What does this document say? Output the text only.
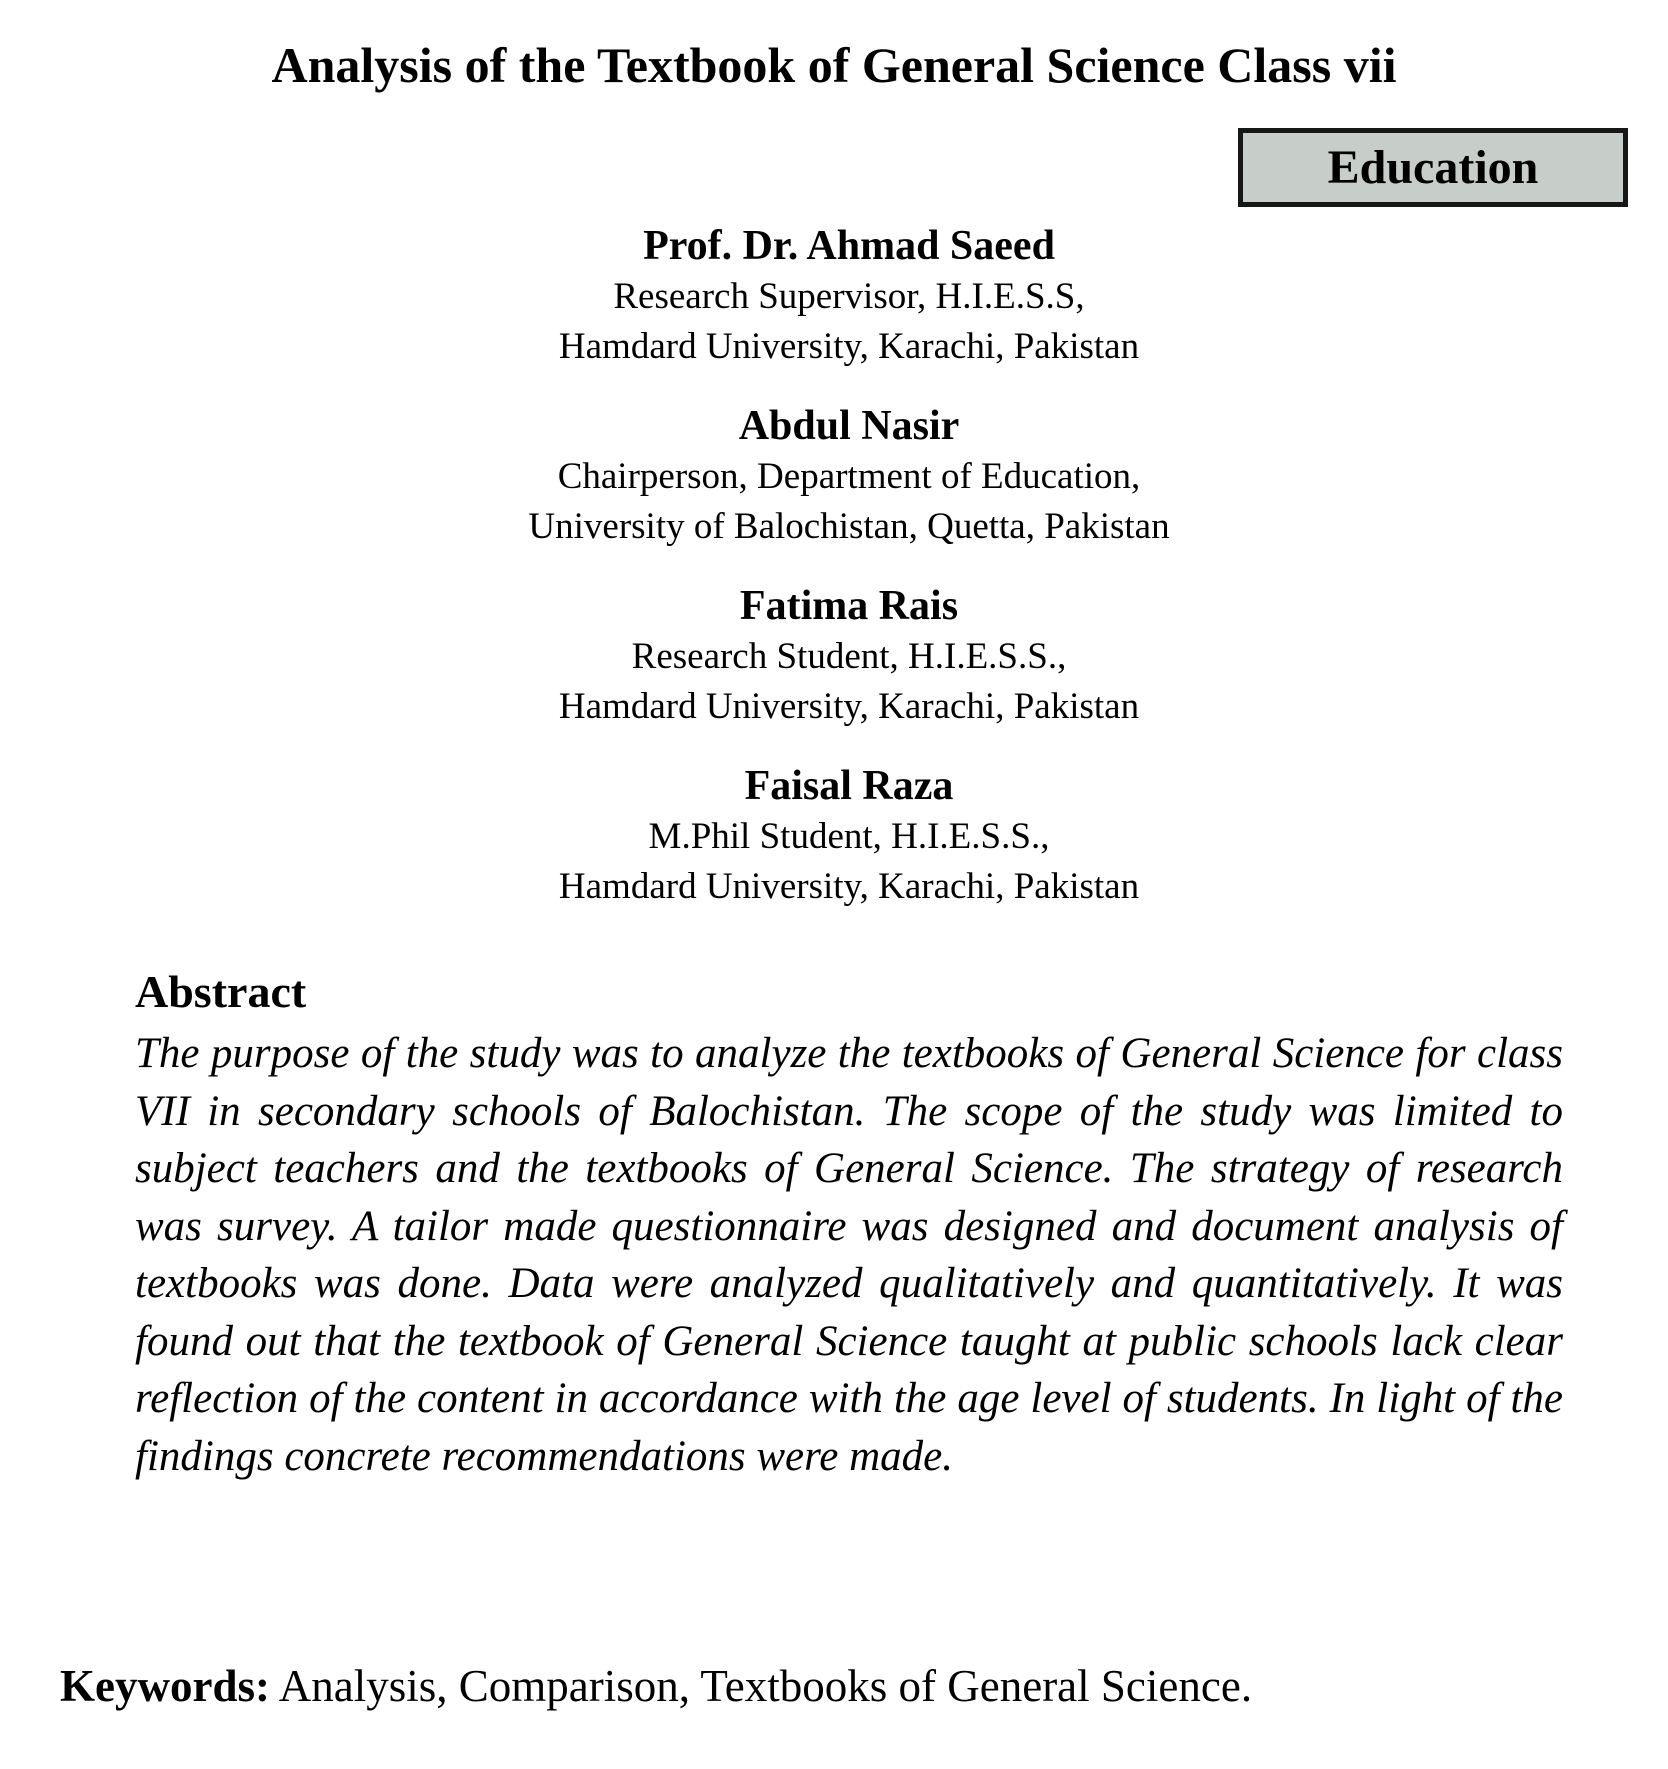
Analysis of the Textbook of General Science Class vii
Education
Prof. Dr. Ahmad Saeed
Research Supervisor, H.I.E.S.S,
Hamdard University, Karachi, Pakistan
Abdul Nasir
Chairperson, Department of Education,
University of Balochistan, Quetta, Pakistan
Fatima Rais
Research Student, H.I.E.S.S.,
Hamdard University, Karachi, Pakistan
Faisal Raza
M.Phil Student, H.I.E.S.S.,
Hamdard University, Karachi, Pakistan
Abstract

The purpose of the study was to analyze the textbooks of General Science for class VII in secondary schools of Balochistan. The scope of the study was limited to subject teachers and the textbooks of General Science. The strategy of research was survey. A tailor made questionnaire was designed and document analysis of textbooks was done. Data were analyzed qualitatively and quantitatively. It was found out that the textbook of General Science taught at public schools lack clear reflection of the content in accordance with the age level of students. In light of the findings concrete recommendations were made.

Keywords: Analysis, Comparison, Textbooks of General Science.
